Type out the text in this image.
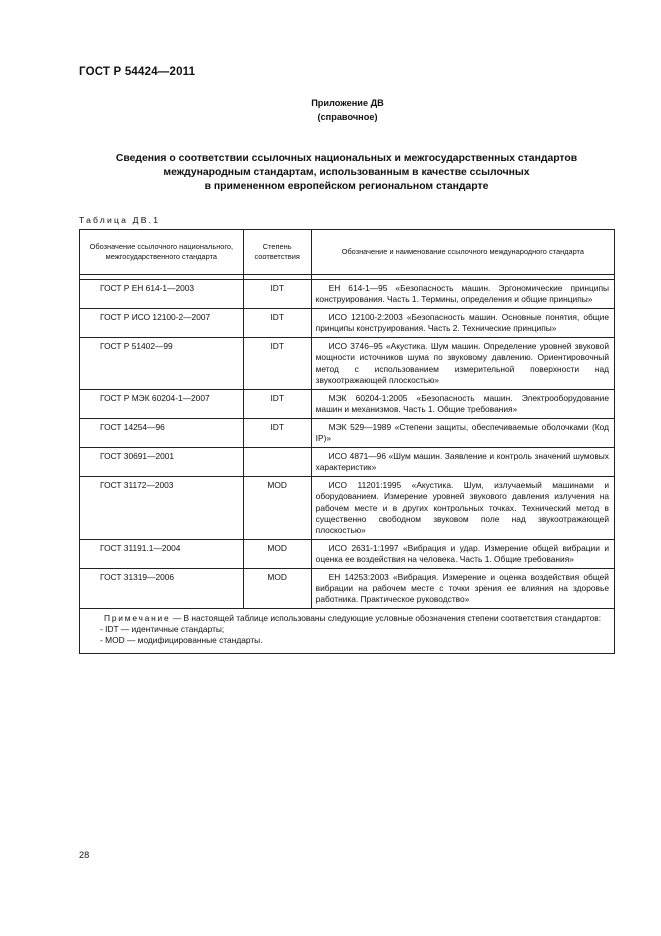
ГОСТ Р 54424—2011
Приложение ДВ
(справочное)
Сведения о соответствии ссылочных национальных и межгосударственных стандартов
международным стандартам, использованным в качестве ссылочных
в примененном европейском региональном стандарте
Таблица ДВ.1
Обозначение ссылочного национального, межгосударственного стандарта	Степень соответствия	Обозначение и наименование ссылочного международного стандарта

ГОСТ Р ЕН 614-1—2003	IDT	ЕН 614-1—95 «Безопасность машин. Эргономические принципы конструирования. Часть 1. Термины, определения и общие принципы»
ГОСТ Р ИСО 12100-2—2007	IDT	ИСО 12100-2:2003 «Безопасность машин. Основные понятия, общие принципы конструирования. Часть 2. Технические принципы»
ГОСТ Р 51402—99	IDT	ИСО 3746–95 «Акустика. Шум машин. Определение уровней звуковой мощности источников шума по звуковому давлению. Ориентировочный метод с использованием измерительной поверхности над звукоотражающей плоскостью»
ГОСТ Р МЭК 60204-1—2007	IDT	МЭК 60204-1:2005 «Безопасность машин. Электрооборудование машин и механизмов. Часть 1. Общие требования»
ГОСТ 14254—96	IDT	МЭК 529—1989 «Степени защиты, обеспечиваемые оболочками (Код IP)»
ГОСТ 30691—2001		ИСО 4871—96 «Шум машин. Заявление и контроль значений шумовых характеристик»
ГОСТ 31172—2003	MOD	ИСО 11201:1995 «Акустика. Шум, излучаемый машинами и оборудованием. Измерение уровней звукового давления излучения на рабочем месте и в других контрольных точках. Технический метод в существенно свободном звуковом поле над звукоотражающей плоскостью»
ГОСТ 31191.1—2004	MOD	ИСО 2631-1:1997 «Вибрация и удар. Измерение общей вибрации и оценка ее воздействия на человека. Часть 1. Общие требования»
ГОСТ 31319—2006	MOD	ЕН 14253:2003 «Вибрация. Измерение и оценка воздействия общей вибрации на рабочем месте с точки зрения ее влияния на здоровье работника. Практическое руководство»

Примечание — В настоящей таблице использованы следующие условные обозначения степени соответствия стандартов:
- IDT — идентичные стандарты;
- MOD — модифицированные стандарты.		
28
